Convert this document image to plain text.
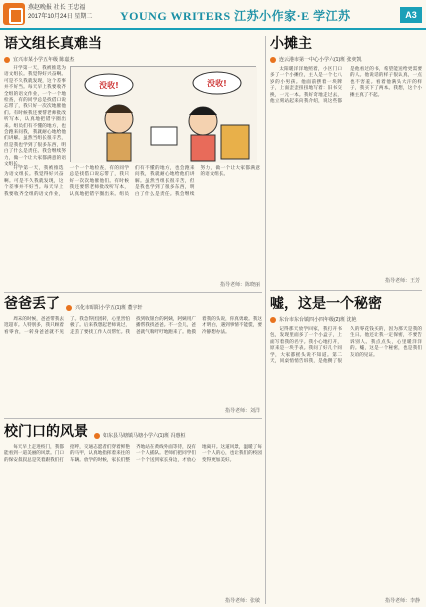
燕赵晚报 社长 王忠福
2017年10月24日 星期二 YOUNG WRITERS 江苏小作家·E 学江苏	A3
语文组长真难当
宜兴市某小学五年级 陈嘉杰
没收!	没收!

开学第一天，我被推选为语文组长。我觉得好兴奋啊。可是不久我就发现，这个差事并不好当。每天早上我要收齐全组的语文作业，一个一个地检查，有的同学总是找借口说忘带了，我只好一次次地催他们。有时候我还要帮老师批改听写本，认真地把错字圈出来。组员们有不懂的地方，也会跑来问我，我就耐心地给他们讲解。虽然当组长很辛苦，但是我也学到了很多东西，明白了什么是责任。我会继续努力，做一个让大家都满意的语文组长。

开学第一天，我被推选为语文组长。我觉得好兴奋啊。可是不久我就发现，这个差事并不好当。每天早上我要收齐全组的语文作业，一个一个地检查，有的同学总是找借口说忘带了，我只好一次次地催他们。有时候我还要帮老师批改听写本，认真地把错字圈出来。组员们有不懂的地方，也会跑来问我，我就耐心地给他们讲解。虽然当组长很辛苦，但是我也学到了很多东西，明白了什么是责任。我会继续努力，做一个让大家都满意的语文组长。

指导老师：陈晓丽
小摊主
连云港市第一中心小学六(1)班 张奕凯

太阳暖洋洋地照着，小区门口多了一个小摊位，主人是一个七八岁的小男孩。他面前摆着一块牌子，上面歪歪扭扭地写着：旧书交换，一元一本。我好奇地走过去，他立刻站起来向我介绍，说这些都是他看过的书，希望能送给更需要的人。他说话的样子很认真，一点也不害羞。看着他满头大汗的样子，我买下了两本。我想，这个小摊主真了不起。

指导老师：王芳
嘘，这是一个秘密
东台市东台镇四小四年级(2)班 沈艳

记得那天放学回家，我打开书包，发现里面多了一个小盒子，上面写着我的名字。我小心地打开，原来是一块手表。我问了好几个同学，大家都摇头说不知道。第二天，同桌悄悄告诉我，是他攒了很久的零花钱买的，因为那天是我的生日。他还让我一定保密，不要告诉别人。我点点头，心里暖洋洋的。嘘，这是一个秘密，也是我们友谊的见证。

指导老师：李静
爸爸丢了	兴化市昭阳小学五(1)班 董宇轩

周末的时候，爸爸带我去逛超市。人特别多，我只顾着看零食，一转身爸爸就不见了。我急得团团转，心里害怕极了。后来我想起老师说过，走丢了要找工作人员帮忙。我找到收银台的阿姨，阿姨用广播帮我找爸爸。不一会儿，爸爸就气喘吁吁地跑来了。他摸着我的头说，你真勇敢。我这才明白，遇到事情不能慌，要冷静想办法。

指导老师：刘洋
校门口的风景	如东县马塘镇马塘小学六(1)班 冯惠桓

每天早上走进校门，我都能看到一道美丽的风景。门口的保安叔叔总是笑着跟我们打招呼，交通志愿者们穿着鲜艳的马甲，认真地指挥着来往的车辆。放学的时候，家长们整齐地站在黄线外面等待，没有一个人插队。老师们把同学们一个个送到家长身边，才放心地离开。这道风景，温暖了每一个人的心，也让我们的校园变得更加美好。

指导老师：张敏
